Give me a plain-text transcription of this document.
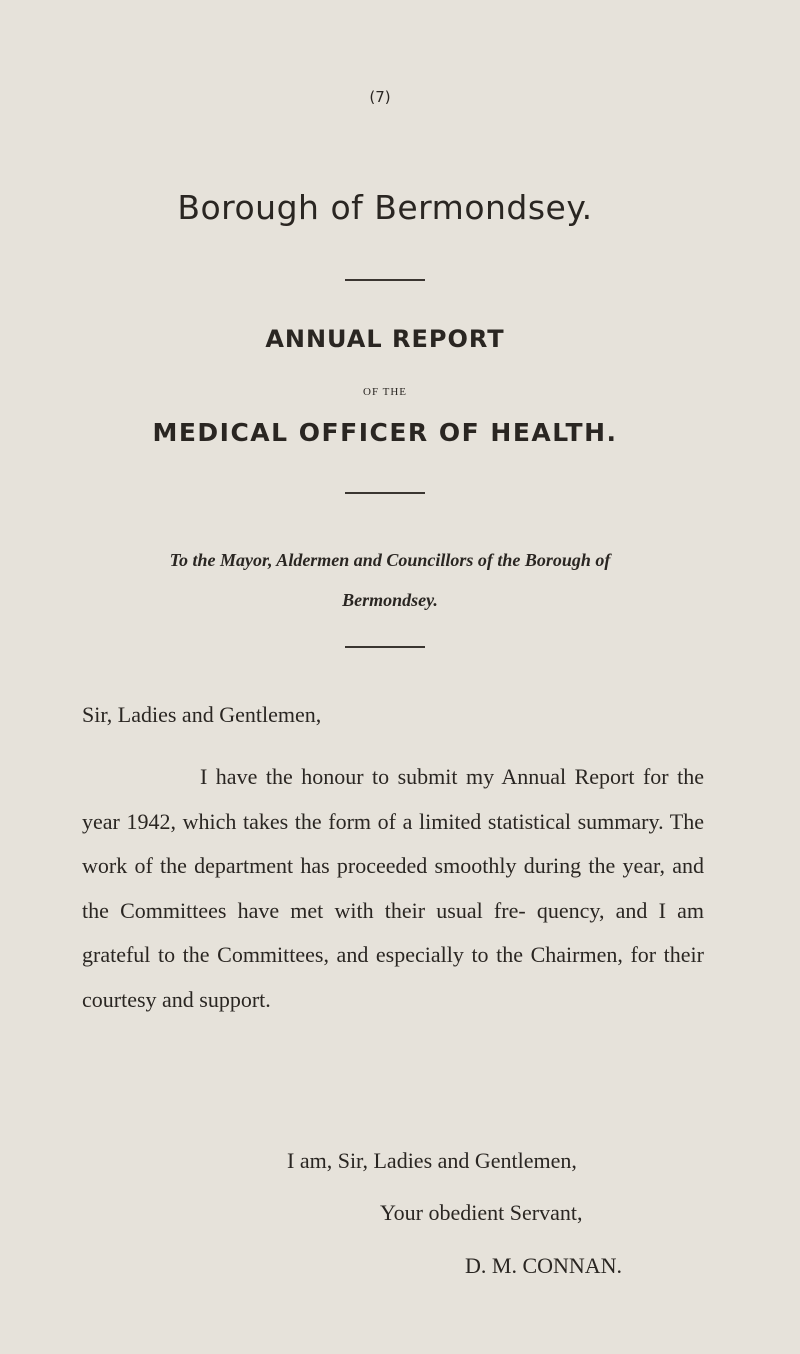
(7)
Borough of Bermondsey.
ANNUAL REPORT
OF THE
MEDICAL OFFICER OF HEALTH.
To the Mayor, Aldermen and Councillors of the Borough of
Bermondsey.
Sir, Ladies and Gentlemen,

I have the honour to submit my Annual Report for the year 1942, which takes the form of a limited statistical summary. The work of the department has proceeded smoothly during the year, and the Committees have met with their usual fre- quency, and I am grateful to the Committees, and especially to the Chairmen, for their courtesy and support.

I am, Sir, Ladies and Gentlemen,
Your obedient Servant,
D. M. CONNAN.
